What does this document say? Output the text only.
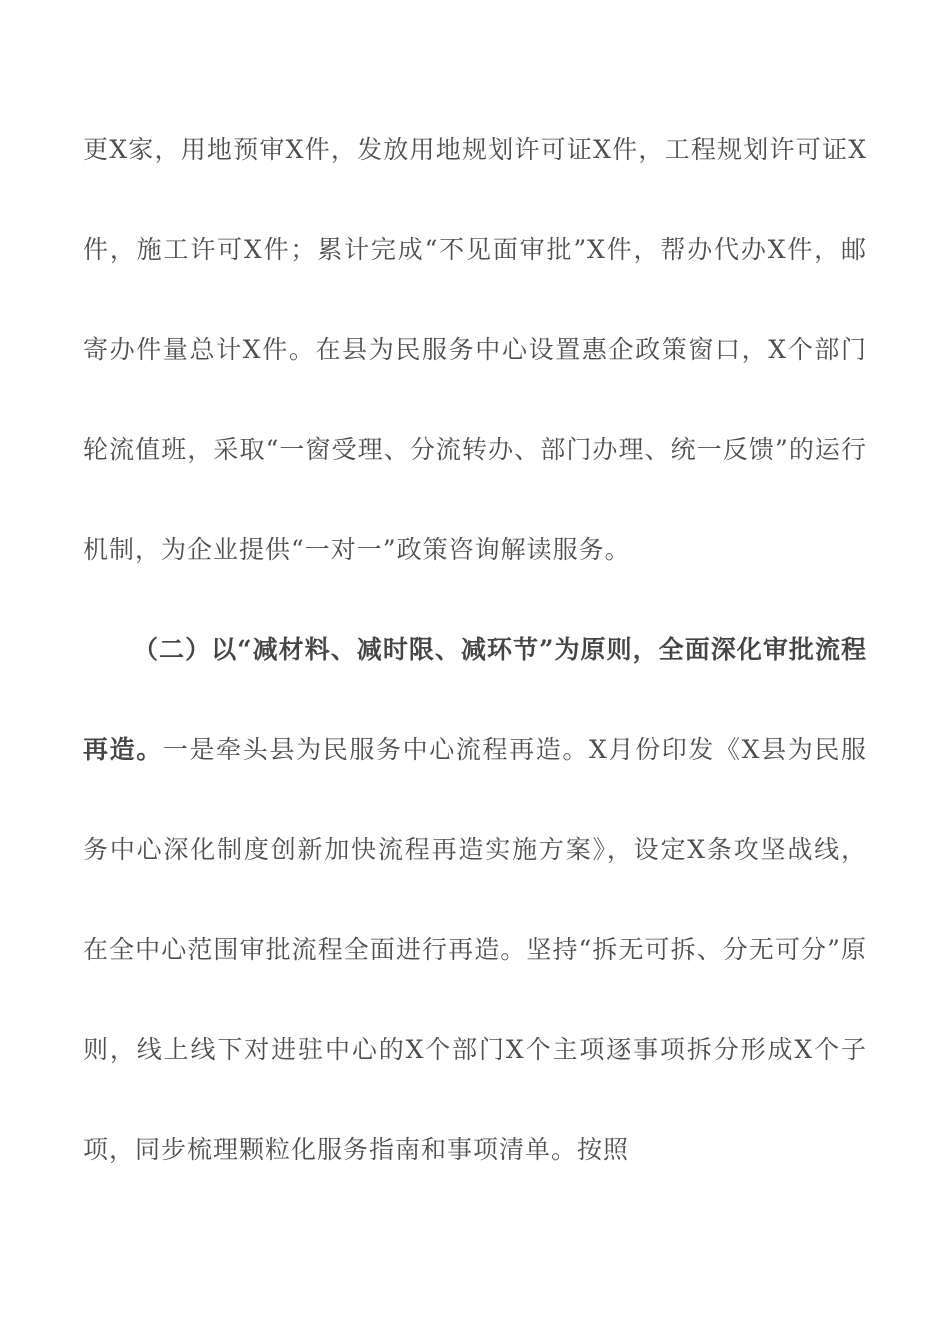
更X家，用地预审X件，发放用地规划许可证X件，工程规划许可证X件，施工许可X件；累计完成“不见面审批”X件，帮办代办X件，邮寄办件量总计X件。在县为民服务中心设置惠企政策窗口，X个部门轮流值班，采取“一窗受理、分流转办、部门办理、统一反馈”的运行机制，为企业提供“一对一”政策咨询解读服务。

（二）以“减材料、减时限、减环节”为原则，全面深化审批流程再造。一是牵头县为民服务中心流程再造。X月份印发《X县为民服务中心深化制度创新加快流程再造实施方案》，设定X条攻坚战线，在全中心范围审批流程全面进行再造。坚持“拆无可拆、分无可分”原则，线上线下对进驻中心的X个部门X个主项逐事项拆分形成X个子项，同步梳理颗粒化服务指南和事项清单。按照
